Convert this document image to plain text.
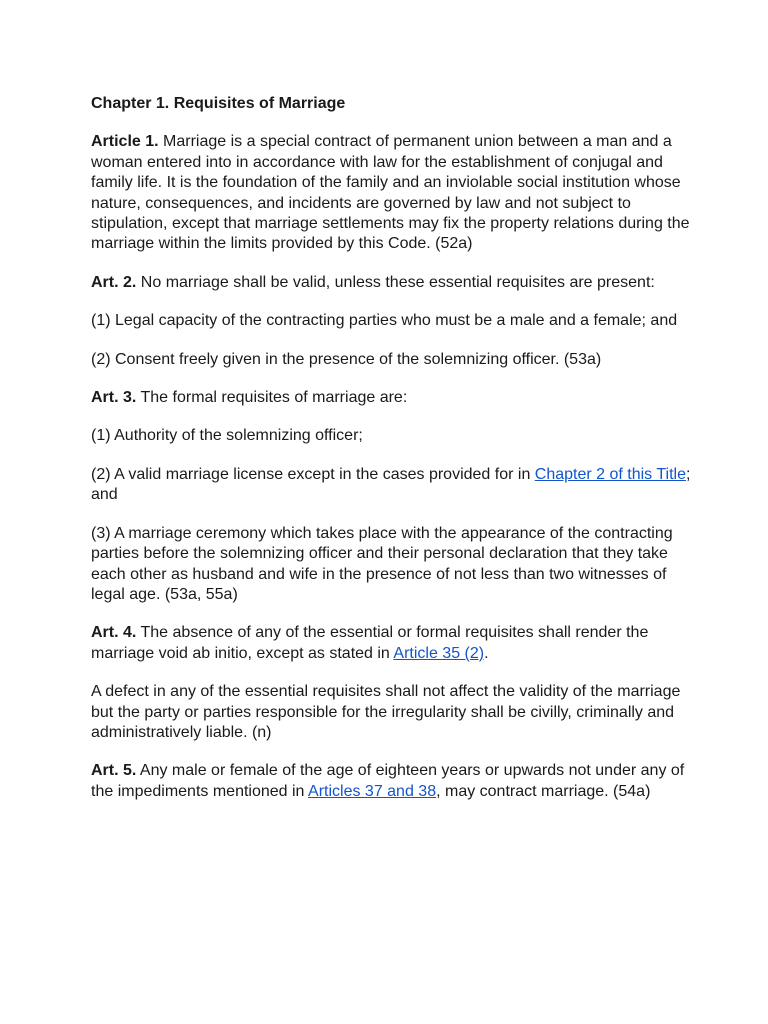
Chapter 1. Requisites of Marriage

Article 1. Marriage is a special contract of permanent union between a man and a woman entered into in accordance with law for the establishment of conjugal and family life. It is the foundation of the family and an inviolable social institution whose nature, consequences, and incidents are governed by law and not subject to stipulation, except that marriage settlements may fix the property relations during the marriage within the limits provided by this Code. (52a)

Art. 2. No marriage shall be valid, unless these essential requisites are present:

(1) Legal capacity of the contracting parties who must be a male and a female; and

(2) Consent freely given in the presence of the solemnizing officer. (53a)

Art. 3. The formal requisites of marriage are:

(1) Authority of the solemnizing officer;

(2) A valid marriage license except in the cases provided for in Chapter 2 of this Title; and

(3) A marriage ceremony which takes place with the appearance of the contracting parties before the solemnizing officer and their personal declaration that they take each other as husband and wife in the presence of not less than two witnesses of legal age. (53a, 55a)

Art. 4. The absence of any of the essential or formal requisites shall render the marriage void ab initio, except as stated in Article 35 (2).

A defect in any of the essential requisites shall not affect the validity of the marriage but the party or parties responsible for the irregularity shall be civilly, criminally and administratively liable. (n)

Art. 5. Any male or female of the age of eighteen years or upwards not under any of the impediments mentioned in Articles 37 and 38, may contract marriage. (54a)
